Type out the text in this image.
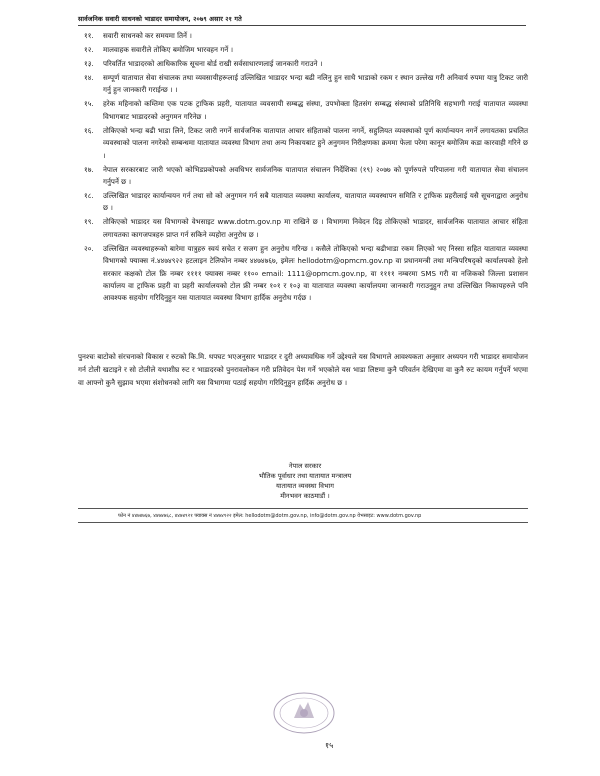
सार्वजनिक सवारी साधनको भाडादर समायोजन, २०७९ असार २१ गते
११.	सवारी साधनको कर समयमा तिर्ने ।
१२.	मालवाहक सवारीले तोकिए बमोजिम भारवहन गर्ने ।
१३.	परिवर्तित भाडादरको आधिकारिक सूचना बोर्ड राखी सर्वसाधारणलाई जानकारी गराउने ।
१४.	सम्पूर्ण यातायात सेवा संचालक तथा व्यवसायीहरूलाई उल्लिखित भाडादर भन्दा बढी नलिनु हुन साथै भाडाको रकम र स्थान उल्लेख गरी अनिवार्य रुपमा यात्रु टिकट जारी गर्नु हुन जानकारी गराईन्छ । ।
१५.	हरेक महिनाको कम्तिमा एक पटक ट्राफिक प्रहरी, यातायात व्यवसायी सम्बद्ध संस्था, उपभोक्ता हितसंग सम्बद्ध संस्थाको प्रतिनिधि सहभागी गराई यातायात व्यवस्था विभागबाट भाडादरको अनुगमन गरिनेछ ।
१६.	तोकिएको भन्दा बढी भाडा लिने, टिकट जारी नगर्ने सार्वजनिक यातायात आचार संहिताको पालना नगर्ने, सहुलियत व्यवस्थाको पूर्ण कार्यान्वयन नगर्ने लगायतका प्रचलित व्यवस्थाको पालना नगरेको सम्बन्धमा यातायात व्यवस्था विभाग तथा अन्य निकायबाट हुने अनुगमन निरीक्षणका क्रममा फेला परेमा कानून बमोजिम कडा कारवाही गरिने छ ।
१७.	नेपाल सरकारबाट जारी भएको कोभिडप्रकोपको अवधिभर सार्वजनिक यातायात संचालन निर्देशिका (१९) २०७७ को पूर्णरुपले परिपालना गरी यातायात सेवा संचालन गर्नुपर्ने छ ।
१८.	उल्लिखित भाडादर कार्यान्वयन गर्न तथा सो को अनुगमन गर्न सबै यातायात व्यवस्था कार्यालय, यातायात व्यवस्थापन समिति र ट्राफिक प्रहरीलाई यसै सूचनाद्वारा अनुरोध छ ।
१९.	तोकिएको भाडादर यस विभागको वेभसाइट www.dotm.gov.np मा राखिने छ । विभागमा निवेदन दिइ तोकिएको भाडादर, सार्वजनिक यातायात आचार संहिता लगायतका कागजपत्रहरु प्राप्त गर्न सकिने व्यहोरा अनुरोध छ ।
२०.	उल्लिखित व्यवस्थाहरूको बारेमा यात्रुहरु स्वयं सचेत र सजग हुन अनुरोध गरिन्छ । कसैले तोकिएको भन्दा बढीभाडा रकम लिएको भए निस्सा सहित यातायात व्यवस्था विभागको फ्याक्स नं.४४७४९२२ हटलाइन टेलिफोन नम्बर ४४७४७६७, इमेलः hellodotm@opmcm.gov.np वा प्रधानमन्त्री तथा मन्त्रिपरिषद्को कार्यालयको हेलो सरकार कक्षको टोल फ्रि नम्बर ११११ फ्याक्स नम्बर ११०० email: 1111@opmcm.gov.np, वा ११११ नम्बरमा SMS गरी वा नजिकको जिल्ला प्रशासन कार्यालय वा ट्राफिक प्रहरी वा प्रहरी कार्यालयको टोल फ्री नम्बर १०१ र १०३ वा यातायात व्यवस्था कार्यालयमा जानकारी गराउनुहुन तथा उल्लिखित निकायहरुले पनि आवश्यक सहयोग गरिदिनुहुन यस यातायात व्यवस्था विभाग हार्दिक अनुरोध गर्दछ ।
पुनश्चः बाटोको संरचनाको विकास र रुटको कि.मि. थपघट भएअनुसार भाडादर र दुरी अध्यावधिक गर्ने उद्देश्यले यस विभागले आवश्यकता अनुसार अध्ययन गरी भाडादर समायोजन गर्न टोली खटाइने र सो टोलीले यथाशीघ्र रुट र भाडादरको पुनरावलोकन गरी प्रतिवेदन पेश गर्ने भएकोले यस भाडा लिष्टमा कुनै परिवर्तन देखिएमा वा कुनै रुट कायम गर्नुपर्ने भएमा वा आफ्नो कुनै सुझाव भएमा संशोधनको लागि यस विभागमा पठाई सहयोग गरिदिनुहुन हार्दिक अनुरोध छ ।
नेपाल सरकार
भौतिक पूर्वाधार तथा यातायात मन्त्रालय
यातायात व्यवस्था विभाग
मीनभवन काठमाडौं ।
फोन नं ४४७४७६७, ४४७४७६८, ४४७४९२१ फ्याक्स नं ४४७४९२२ इमेल: hellodotm@dotm.gov.np, info@dotm.gov.np वेभसाइट: www.dotm.gov.np
१५
